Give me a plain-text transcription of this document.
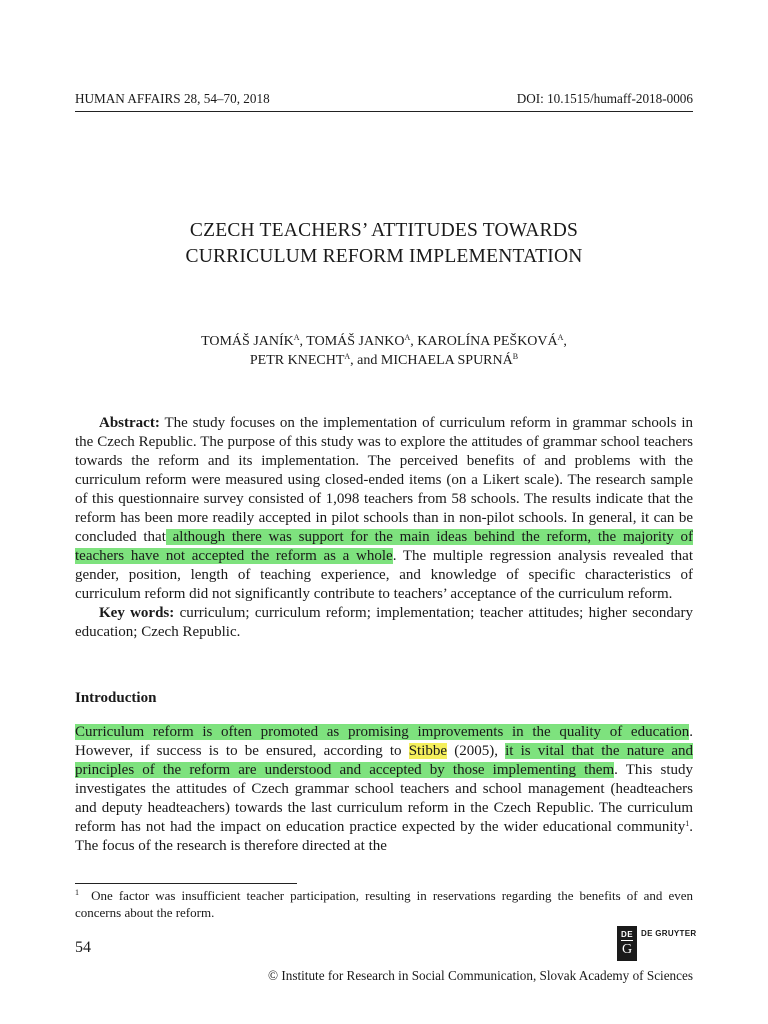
HUMAN AFFAIRS 28, 54–70, 2018	DOI: 10.1515/humaff-2018-0006
CZECH TEACHERS’ ATTITUDES TOWARDS
CURRICULUM REFORM IMPLEMENTATION
TOMÁŠ $JANÍK^A$, TOMÁŠ $JANKO^A$, KAROLÍNA $PEŠKOVÁ^A$,
PETR $KNECHT^A$, and MICHAELA $SPURNÁ^B$

Abstract: The study focuses on the implementation of curriculum reform in grammar schools in the Czech Republic. The purpose of this study was to explore the attitudes of grammar school teachers towards the reform and its implementation. The perceived benefits of and problems with the curriculum reform were measured using closed-ended items (on a Likert scale). The research sample of this questionnaire survey consisted of 1,098 teachers from 58 schools. The results indicate that the reform has been more readily accepted in pilot schools than in non-pilot schools. In general, it can be concluded that although there was support for the main ideas behind the reform, the majority of teachers have not accepted the reform as a whole. The multiple regression analysis revealed that gender, position, length of teaching experience, and knowledge of specific characteristics of curriculum reform did not significantly contribute to teachers’ acceptance of the curriculum reform.

Key words: curriculum; curriculum reform; implementation; teacher attitudes; higher secondary education; Czech Republic.

Introduction

Curriculum reform is often promoted as promising improvements in the quality of education. However, if success is to be ensured, according to Stibbe (2005), it is vital that the nature and principles of the reform are understood and accepted by those implementing them. This study investigates the attitudes of Czech grammar school teachers and school management (headteachers and deputy headteachers) towards the last curriculum reform in the Czech Republic. The curriculum reform has not had the impact on education practice expected by the wider educational community$^1$. The focus of the research is therefore directed at the

$^1$ One factor was insufficient teacher participation, resulting in reservations regarding the benefits of and even concerns about the reform.

54
DE
G
DE GRUYTER
© Institute for Research in Social Communication, Slovak Academy of Sciences
